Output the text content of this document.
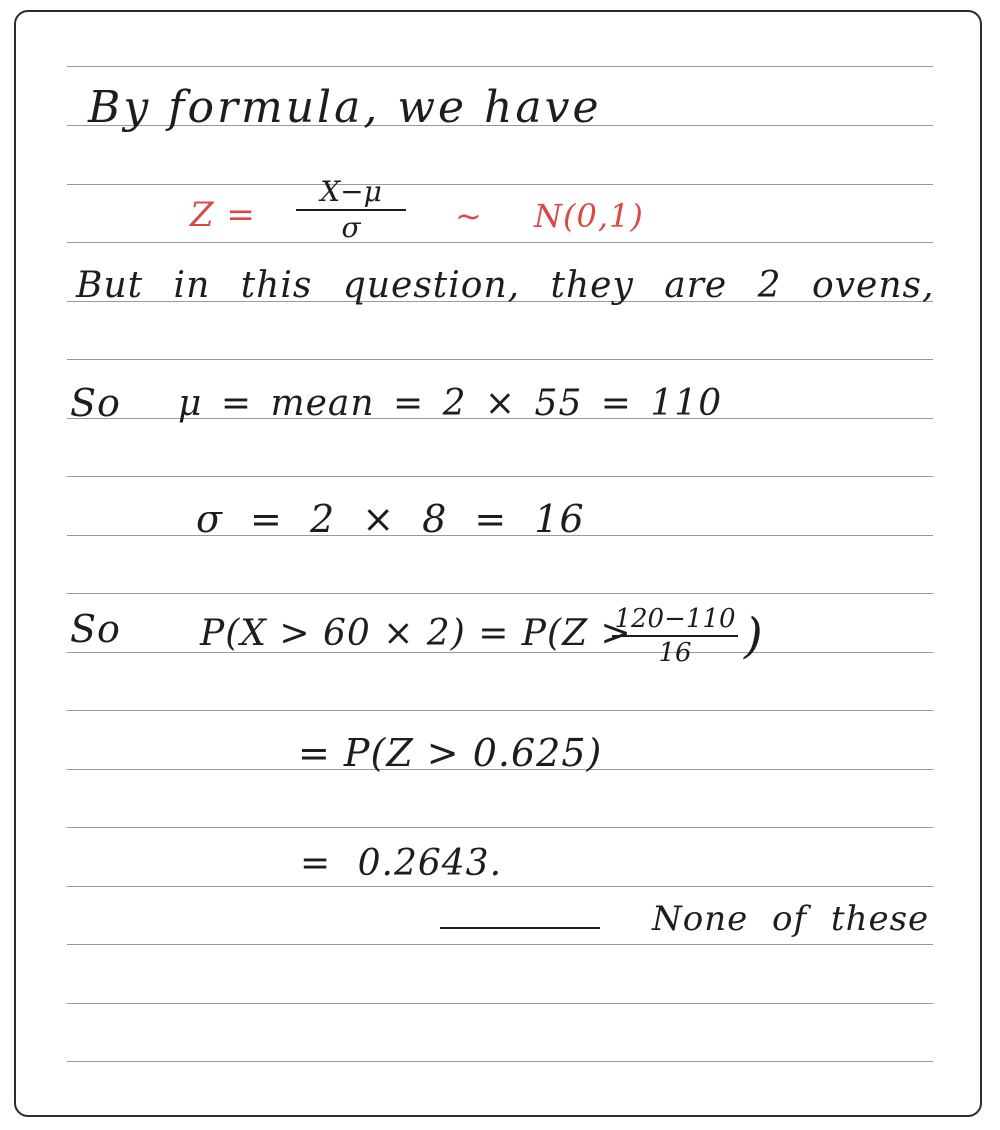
By formula, we have
Z =
X−μ
σ	~ N(0,1)
But in this question, they are 2 ovens,
So μ = mean = 2 × 55 = 110
σ = 2 × 8 = 16
So P(X > 60 × 2) = P(Z >
120−110
16	)
= P(Z > 0.625)
= 0.2643.
None of these
